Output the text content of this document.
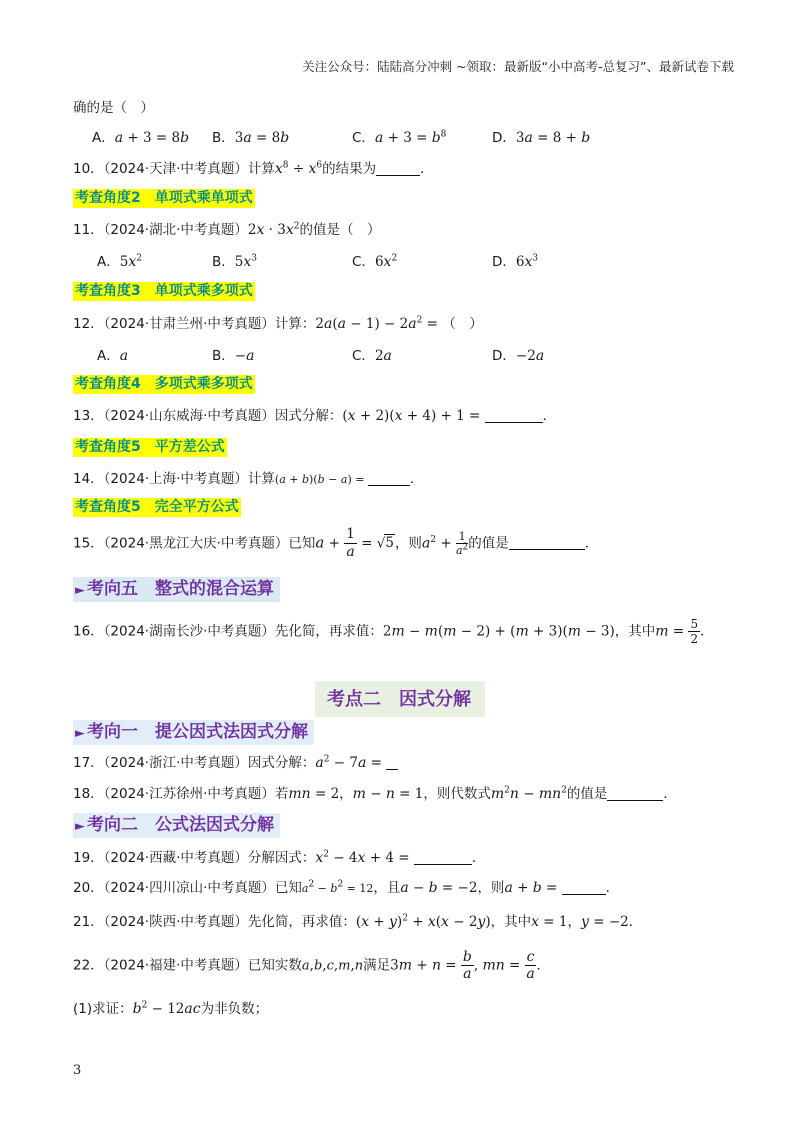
关注公众号：陆陆高分冲刺 ~领取：最新版“小中高考-总复习”、最新试卷下载
确的是（　）
A．a + 3 = 8b B．3a = 8b	C．$a + 3 = b^8$	D．3a = 8 + b
10．（2024·天津·中考真题）计算$x^8 \div x^6$的结果为	．
考查角度2　单项式乘单项式
11．（2024·湖北·中考真题）$2x \cdot 3x^2$的值是（　）
A．$5x^2$	B．$5x^3$	C．$6x^2$	D．$6x^3$
考查角度3　单项式乘多项式
12．（2024·甘肃兰州·中考真题）计算：$2a(a - 1) - 2a^2$ = （　）
A．a	B．−a	C．2a	D．−2a
考查角度4　多项式乘多项式
13．（2024·山东威海·中考真题）因式分解：(x + 2)(x + 4) + 1 =	．
考查角度5　平方差公式
14．（2024·上海·中考真题）计算(a + b)(b − a) =	．
考查角度5　完全平方公式
15．（2024·黑龙江大庆·中考真题）已知$a + \frac{1}{a} = √5$，则$a^2 + \frac{1}{a^2}$ 的值是	．
► 考向五　整式的混合运算
16．（2024·湖南长沙·中考真题）先化简，再求值：2m − m(m − 2) + (m + 3)(m − 3)，其中$m = \frac{5}{2}$ ．
考点二　因式分解
► 考向一　提公因式法因式分解
17．（2024·浙江·中考真题）因式分解：$a^2 - 7a$ =
18．（2024·江苏徐州·中考真题）若mn = 2，m − n = 1，则代数式$m^2n - mn^2$的值是	．
► 考向二　公式法因式分解
19．（2024·西藏·中考真题）分解因式：$x^2 - 4x + 4$ =	．
20．（2024·四川凉山·中考真题）已知$a^2 - b^2 = 12$，且a − b = −2，则a + b =	．
21．（2024·陕西·中考真题）先化简，再求值：$(x + y)^2 + x(x - 2y)$，其中x = 1，y = −2．
22．（2024·福建·中考真题）已知实数a,b,c,m,n满足$3m + n = \frac{b}{a}$ , mn = $\frac{c}{a}$ ．
(1)求证：$b^2 - 12ac$为非负数；
3
